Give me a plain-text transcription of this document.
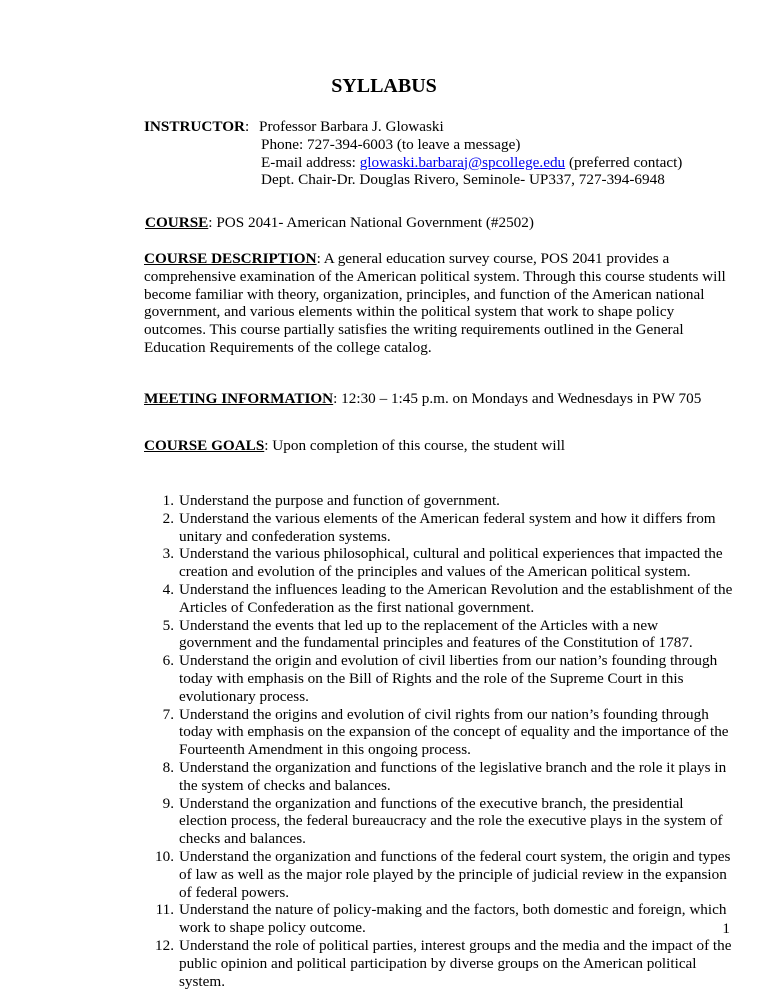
SYLLABUS
INSTRUCTOR: Professor Barbara J. Glowaski
Phone: 727-394-6003 (to leave a message)
E-mail address: glowaski.barbaraj@spcollege.edu (preferred contact)
Dept. Chair-Dr. Douglas Rivero, Seminole- UP337, 727-394-6948

COURSE: POS 2041- American National Government (#2502)

COURSE DESCRIPTION: A general education survey course, POS 2041 provides a comprehensive examination of the American political system. Through this course students will become familiar with theory, organization, principles, and function of the American national government, and various elements within the political system that work to shape policy outcomes. This course partially satisfies the writing requirements outlined in the General Education Requirements of the college catalog.

MEETING INFORMATION: 12:30 – 1:45 p.m. on Mondays and Wednesdays in PW 705

COURSE GOALS: Upon completion of this course, the student will

1. Understand the purpose and function of government.
2. Understand the various elements of the American federal system and how it differs from unitary and confederation systems.
3. Understand the various philosophical, cultural and political experiences that impacted the creation and evolution of the principles and values of the American political system.
4. Understand the influences leading to the American Revolution and the establishment of the Articles of Confederation as the first national government.
5. Understand the events that led up to the replacement of the Articles with a new government and the fundamental principles and features of the Constitution of 1787.
6. Understand the origin and evolution of civil liberties from our nation’s founding through today with emphasis on the Bill of Rights and the role of the Supreme Court in this evolutionary process.
7. Understand the origins and evolution of civil rights from our nation’s founding through today with emphasis on the expansion of the concept of equality and the importance of the Fourteenth Amendment in this ongoing process.
8. Understand the organization and functions of the legislative branch and the role it plays in the system of checks and balances.
9. Understand the organization and functions of the executive branch, the presidential election process, the federal bureaucracy and the role the executive plays in the system of checks and balances.
10. Understand the organization and functions of the federal court system, the origin and types of law as well as the major role played by the principle of judicial review in the expansion of federal powers.
11. Understand the nature of policy-making and the factors, both domestic and foreign, which work to shape policy outcome.
12. Understand the role of political parties, interest groups and the media and the impact of the public opinion and political participation by diverse groups on the American political system.
1
